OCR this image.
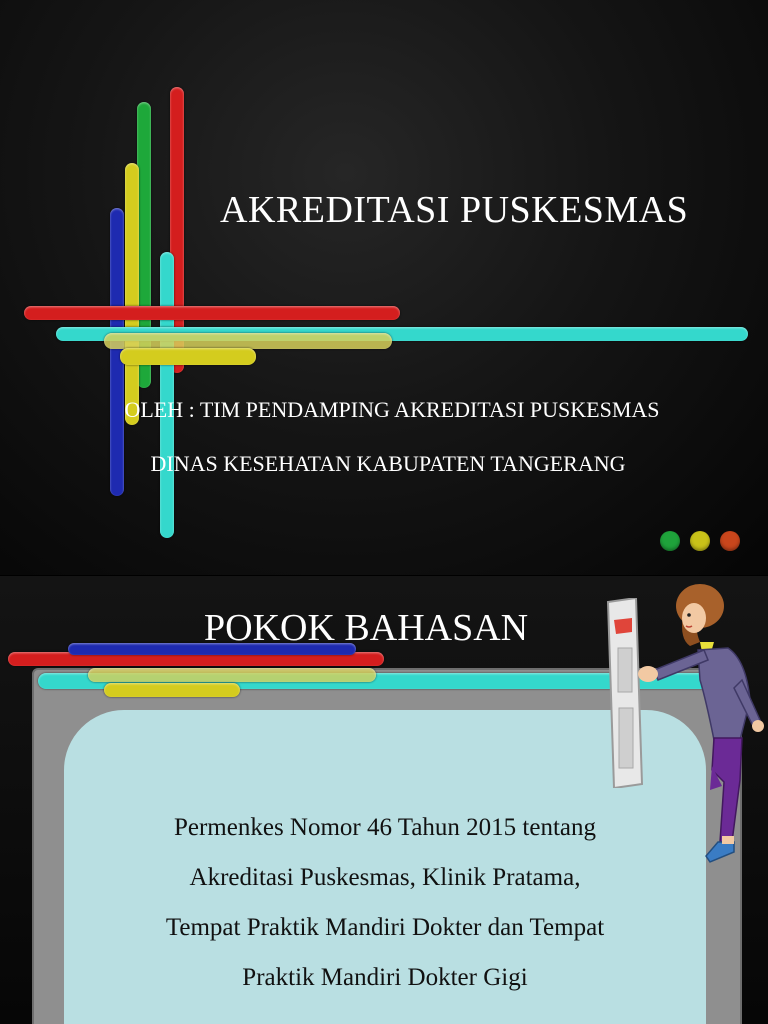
AKREDITASI PUSKESMAS
OLEH : TIM PENDAMPING AKREDITASI PUSKESMAS
DINAS KESEHATAN KABUPATEN TANGERANG
POKOK BAHASAN
Permenkes Nomor 46 Tahun 2015 tentang
Akreditasi Puskesmas, Klinik Pratama,
Tempat Praktik Mandiri Dokter dan Tempat
Praktik Mandiri Dokter Gigi
